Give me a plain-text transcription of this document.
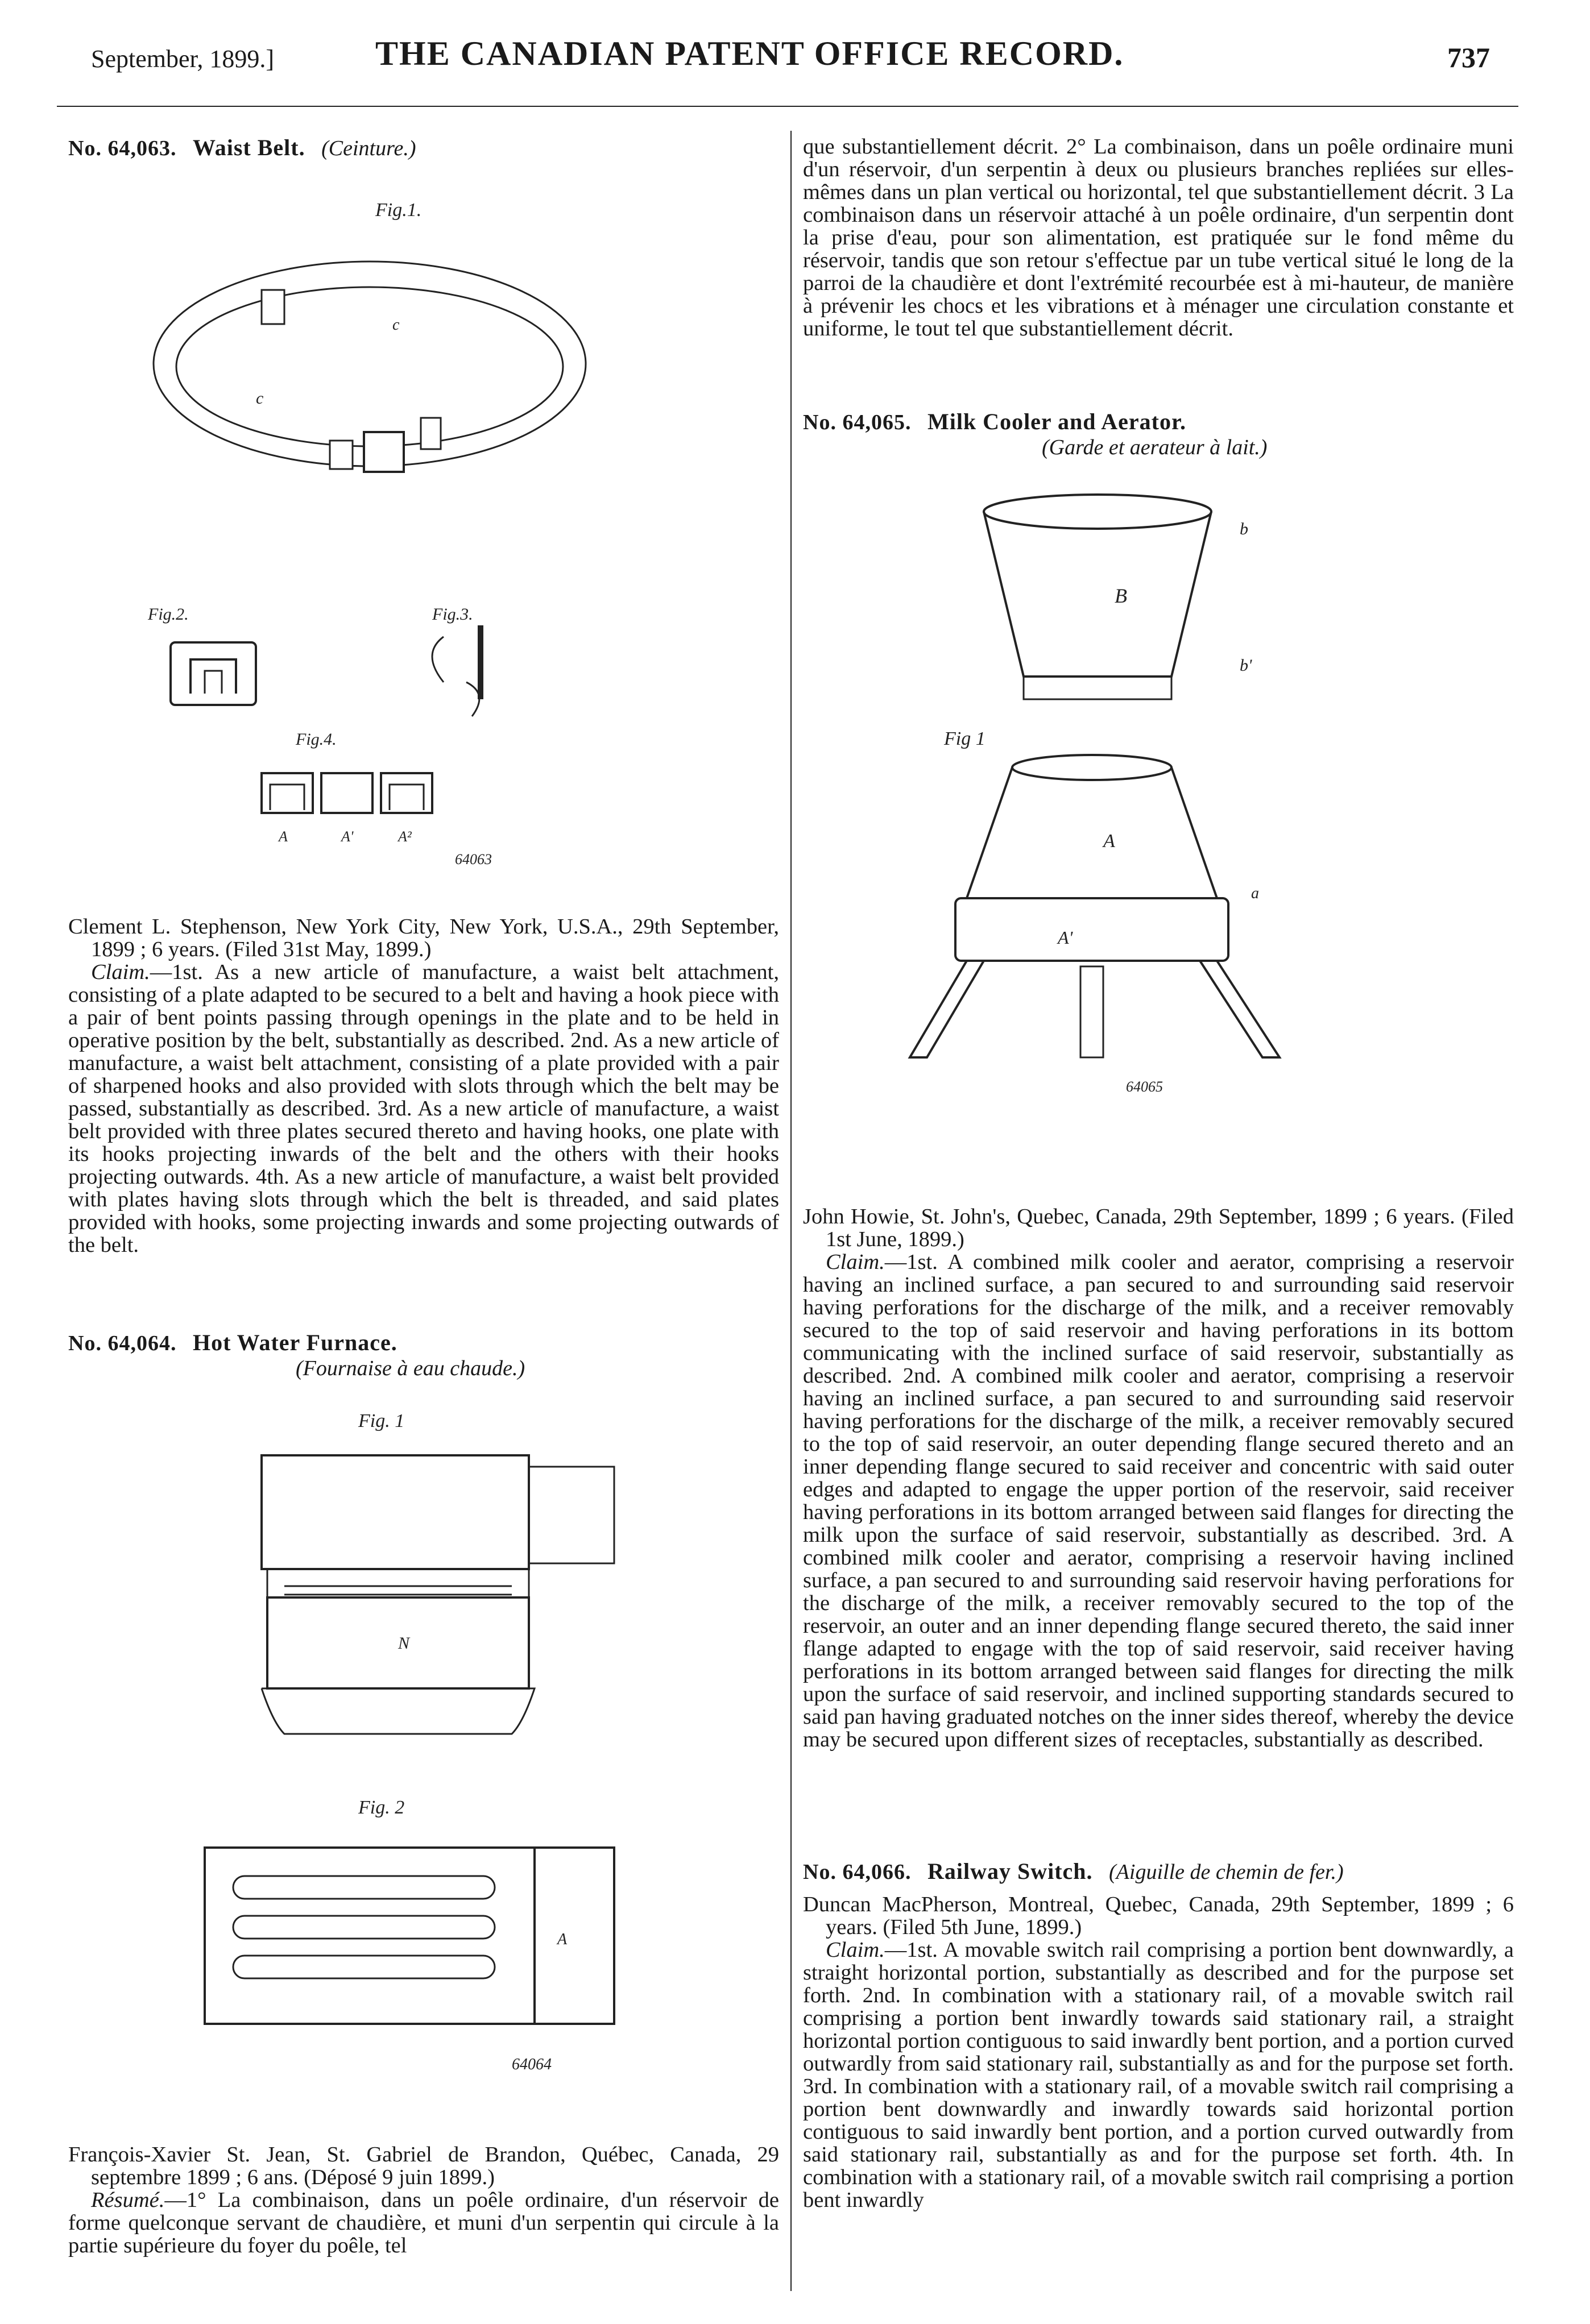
September, 1899.]	THE CANADIAN PATENT OFFICE RECORD.	737
No. 64,063. Waist Belt. (Ceinture.)
Fig.1.
c
c
Fig.2.	Fig.3.
Fig.4.
A	A'	A²
64063
Clement L. Stephenson, New York City, New York, U.S.A., 29th September, 1899 ; 6 years. (Filed 31st May, 1899.)
Claim.—1st. As a new article of manufacture, a waist belt attachment, consisting of a plate adapted to be secured to a belt and having a hook piece with a pair of bent points passing through openings in the plate and to be held in operative position by the belt, substantially as described. 2nd. As a new article of manufacture, a waist belt attachment, consisting of a plate provided with a pair of sharpened hooks and also provided with slots through which the belt may be passed, substantially as described. 3rd. As a new article of manufacture, a waist belt provided with three plates secured thereto and having hooks, one plate with its hooks projecting inwards of the belt and the others with their hooks projecting outwards. 4th. As a new article of manufacture, a waist belt provided with plates having slots through which the belt is threaded, and said plates provided with hooks, some projecting inwards and some projecting outwards of the belt.
No. 64,064. Hot Water Furnace.
(Fournaise à eau chaude.)
Fig. 1
N
Fig. 2
A
64064
François-Xavier St. Jean, St. Gabriel de Brandon, Québec, Canada, 29 septembre 1899 ; 6 ans. (Déposé 9 juin 1899.)
Résumé.—1° La combinaison, dans un poêle ordinaire, d'un réservoir de forme quelconque servant de chaudière, et muni d'un serpentin qui circule à la partie supérieure du foyer du poêle, tel
que substantiellement décrit. 2° La combinaison, dans un poêle ordinaire muni d'un réservoir, d'un serpentin à deux ou plusieurs branches repliées sur elles-mêmes dans un plan vertical ou horizontal, tel que substantiellement décrit. 3 La combinaison dans un réservoir attaché à un poêle ordinaire, d'un serpentin dont la prise d'eau, pour son alimentation, est pratiquée sur le fond même du réservoir, tandis que son retour s'effectue par un tube vertical situé le long de la parroi de la chaudière et dont l'extrémité recourbée est à mi-hauteur, de manière à prévenir les chocs et les vibrations et à ménager une circulation constante et uniforme, le tout tel que substantiellement décrit.
No. 64,065. Milk Cooler and Aerator.
(Garde et aerateur à lait.)
B
b
b'
Fig 1
A
A'
a
64065
John Howie, St. John's, Quebec, Canada, 29th September, 1899 ; 6 years. (Filed 1st June, 1899.)
Claim.—1st. A combined milk cooler and aerator, comprising a reservoir having an inclined surface, a pan secured to and surrounding said reservoir having perforations for the discharge of the milk, and a receiver removably secured to the top of said reservoir and having perforations in its bottom communicating with the inclined surface of said reservoir, substantially as described. 2nd. A combined milk cooler and aerator, comprising a reservoir having an inclined surface, a pan secured to and surrounding said reservoir having perforations for the discharge of the milk, a receiver removably secured to the top of said reservoir, an outer depending flange secured thereto and an inner depending flange secured to said receiver and concentric with said outer edges and adapted to engage the upper portion of the reservoir, said receiver having perforations in its bottom arranged between said flanges for directing the milk upon the surface of said reservoir, substantially as described. 3rd. A combined milk cooler and aerator, comprising a reservoir having inclined surface, a pan secured to and surrounding said reservoir having perforations for the discharge of the milk, a receiver removably secured to the top of the reservoir, an outer and an inner depending flange secured thereto, the said inner flange adapted to engage with the top of said reservoir, said receiver having perforations in its bottom arranged between said flanges for directing the milk upon the surface of said reservoir, and inclined supporting standards secured to said pan having graduated notches on the inner sides thereof, whereby the device may be secured upon different sizes of receptacles, substantially as described.
No. 64,066. Railway Switch. (Aiguille de chemin de fer.)
Duncan MacPherson, Montreal, Quebec, Canada, 29th September, 1899 ; 6 years. (Filed 5th June, 1899.)
Claim.—1st. A movable switch rail comprising a portion bent downwardly, a straight horizontal portion, substantially as described and for the purpose set forth. 2nd. In combination with a stationary rail, of a movable switch rail comprising a portion bent inwardly towards said stationary rail, a straight horizontal portion contiguous to said inwardly bent portion, and a portion curved outwardly from said stationary rail, substantially as and for the purpose set forth. 3rd. In combination with a stationary rail, of a movable switch rail comprising a portion bent downwardly and inwardly towards said horizontal portion contiguous to said inwardly bent portion, and a portion curved outwardly from said stationary rail, substantially as and for the purpose set forth. 4th. In combination with a stationary rail, of a movable switch rail comprising a portion bent inwardly
